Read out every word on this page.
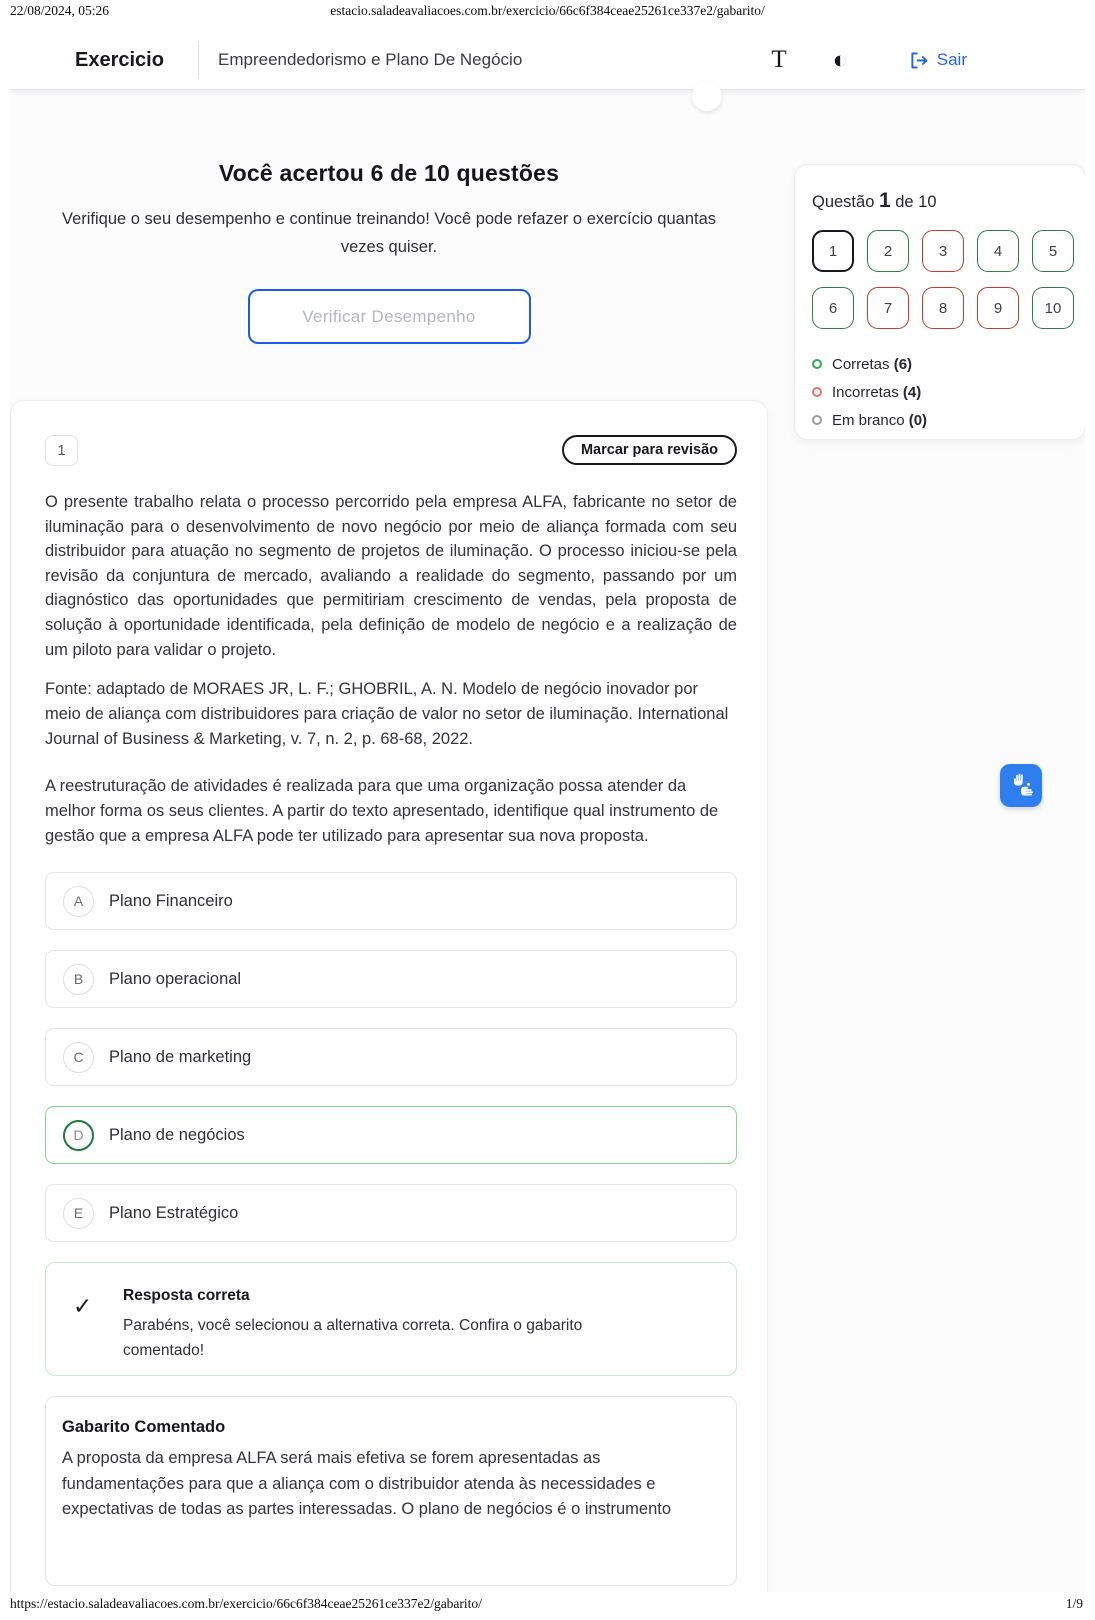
22/08/2024, 05:26	estacio.saladeavaliacoes.com.br/exercicio/66c6f384ceae25261ce337e2/gabarito/
Exercicio	Empreendedorismo e Plano De Negócio	T ◐	Sair
Você acertou 6 de 10 questões
Verifique o seu desempenho e continue treinando! Você pode refazer o exercício quantas vezes quiser.
Verificar Desempenho
Questão 1 de 10
1	2	3	4	5
6	7	8	9	10
Corretas (6)
Incorretas (4)
Em branco (0)
1	Marcar para revisão

O presente trabalho relata o processo percorrido pela empresa ALFA, fabricante no setor de iluminação para o desenvolvimento de novo negócio por meio de aliança formada com seu distribuidor para atuação no segmento de projetos de iluminação. O processo iniciou-se pela revisão da conjuntura de mercado, avaliando a realidade do segmento, passando por um diagnóstico das oportunidades que permitiriam crescimento de vendas, pela proposta de solução à oportunidade identificada, pela definição de modelo de negócio e a realização de um piloto para validar o projeto.

Fonte: adaptado de MORAES JR, L. F.; GHOBRIL, A. N. Modelo de negócio inovador por meio de aliança com distribuidores para criação de valor no setor de iluminação. International Journal of Business & Marketing, v. 7, n. 2, p. 68-68, 2022.

A reestruturação de atividades é realizada para que uma organização possa atender da melhor forma os seus clientes. A partir do texto apresentado, identifique qual instrumento de gestão que a empresa ALFA pode ter utilizado para apresentar sua nova proposta.

A	Plano Financeiro
B	Plano operacional
C	Plano de marketing
D	Plano de negócios
E	Plano Estratégico
✓	Resposta correta
Parabéns, você selecionou a alternativa correta. Confira o gabarito comentado!
Gabarito Comentado
A proposta da empresa ALFA será mais efetiva se forem apresentadas as fundamentações para que a aliança com o distribuidor atenda às necessidades e expectativas de todas as partes interessadas. O plano de negócios é o instrumento
https://estacio.saladeavaliacoes.com.br/exercicio/66c6f384ceae25261ce337e2/gabarito/	1/9
